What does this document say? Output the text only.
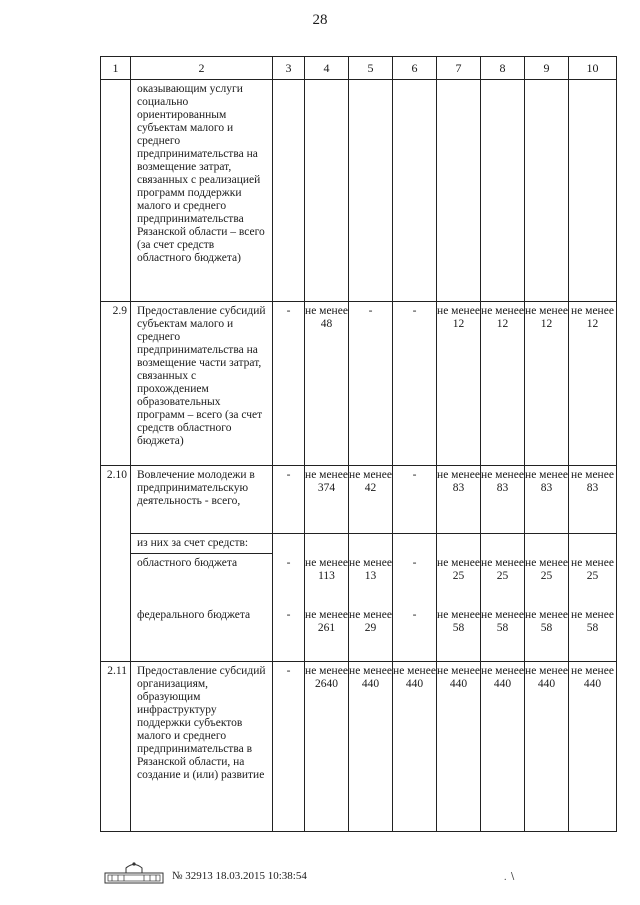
28
1	2	3	4	5	6	7	8	9	10
	оказывающим услуги социально ориентированным субъектам малого и среднего предпринимательства на возмещение затрат, связанных с реализацией программ поддержки малого и среднего предпринимательства Рязанской области – всего (за счет средств областного бюджета)								
2.9	Предоставление субсидий субъектам малого и среднего предпринимательства на возмещение части затрат, связанных с прохождением образовательных программ – всего (за счет средств областного бюджета)	-	не менее 48	-	-	не менее 12	не менее 12	не менее 12	не менее 12
2.10	Вовлечение молодежи в предпринимательскую деятельность - всего,	-	не менее 374	не менее 42	-	не менее 83	не менее 83	не менее 83	не менее 83
	из них за счет средств:								
	областного бюджета	-	не менее 113	не менее 13	-	не менее 25	не менее 25	не менее 25	не менее 25
	федерального бюджета	-	не менее 261	не менее 29	-	не менее 58	не менее 58	не менее 58	не менее 58
2.11	Предоставление субсидий организациям, образующим инфраструктуру поддержки субъектов малого и среднего предпринимательства в Рязанской области, на создание и (или) развитие	-	не менее 2640	не менее 440	не менее 440	не менее 440	не менее 440	не менее 440	не менее 440
№ 32913 18.03.2015 10:38:54	. ∖
